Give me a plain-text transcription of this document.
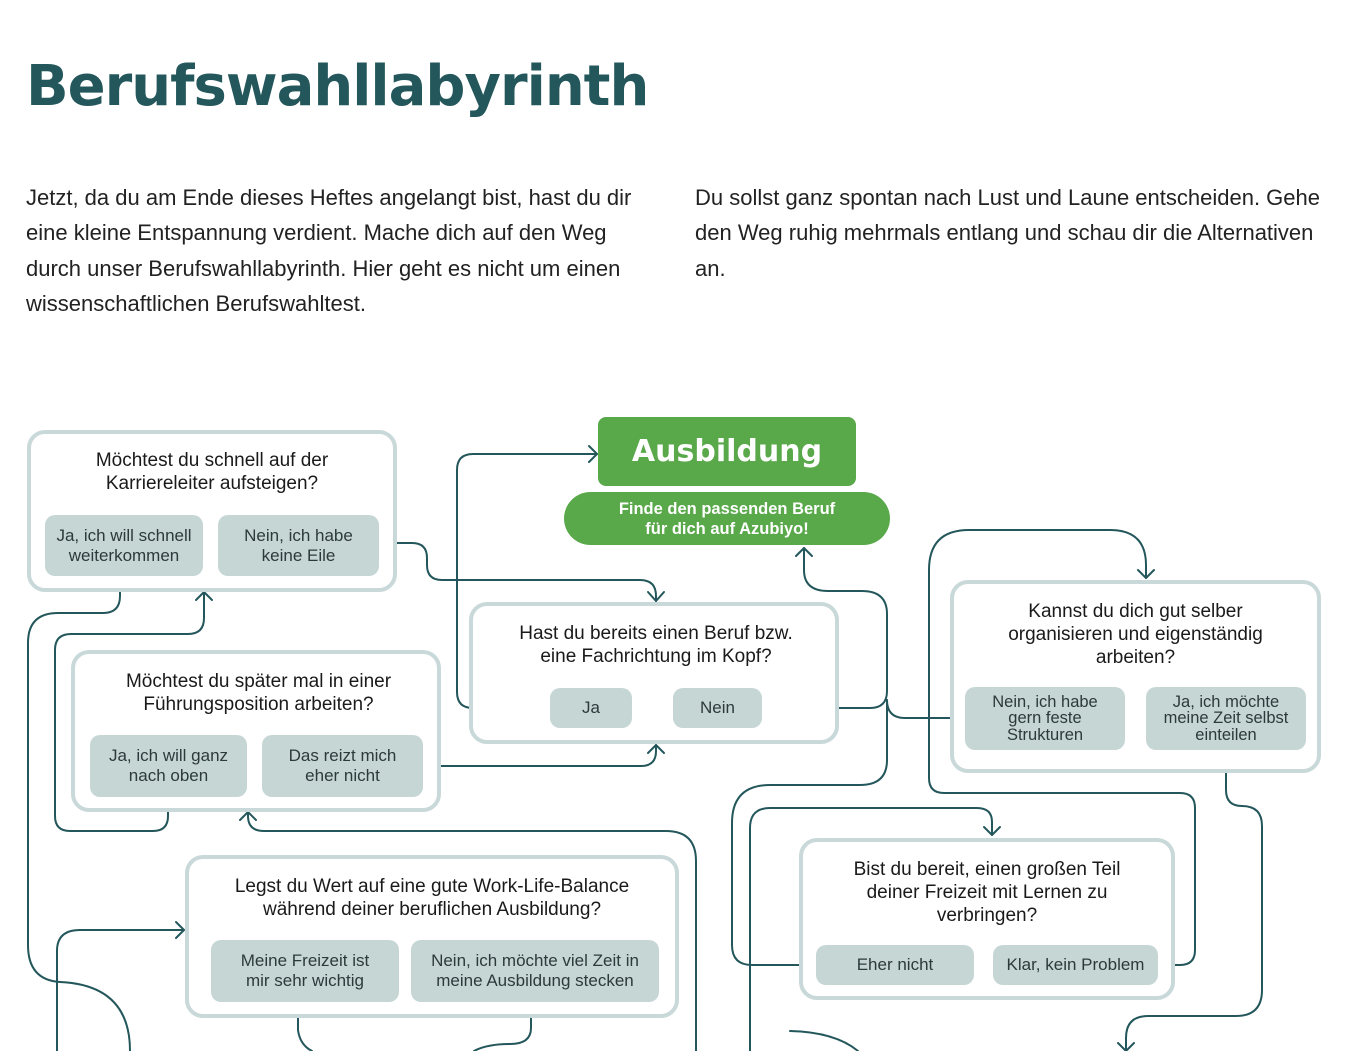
Berufswahllabyrinth

Jetzt, da du am Ende dieses Heftes angelangt bist, hast du dir eine kleine Entspannung verdient. Mache dich auf den Weg durch unser Berufswahllabyrinth. Hier geht es nicht um einen wissenschaftlichen Berufswahltest.

Du sollst ganz spontan nach Lust und Laune entscheiden. Gehe den Weg ruhig mehrmals entlang und schau dir die Alternativen an.

Ausbildung
Finde den passenden Beruf
für dich auf Azubiyo!
Möchtest du schnell auf der
Karriereleiter aufsteigen?
Ja, ich will schnell
weiterkommen
Nein, ich habe
keine Eile
Möchtest du später mal in einer
Führungsposition arbeiten?
Ja, ich will ganz
nach oben
Das reizt mich
eher nicht
Hast du bereits einen Beruf bzw.
eine Fachrichtung im Kopf?
Ja	Nein
Kannst du dich gut selber
organisieren und eigenständig
arbeiten?
Nein, ich habe
gern feste
Strukturen
Ja, ich möchte
meine Zeit selbst
einteilen
Legst du Wert auf eine gute Work-Life-Balance
während deiner beruflichen Ausbildung?
Meine Freizeit ist
mir sehr wichtig
Nein, ich möchte viel Zeit in
meine Ausbildung stecken
Bist du bereit, einen großen Teil
deiner Freizeit mit Lernen zu
verbringen?
Eher nicht	Klar, kein Problem
